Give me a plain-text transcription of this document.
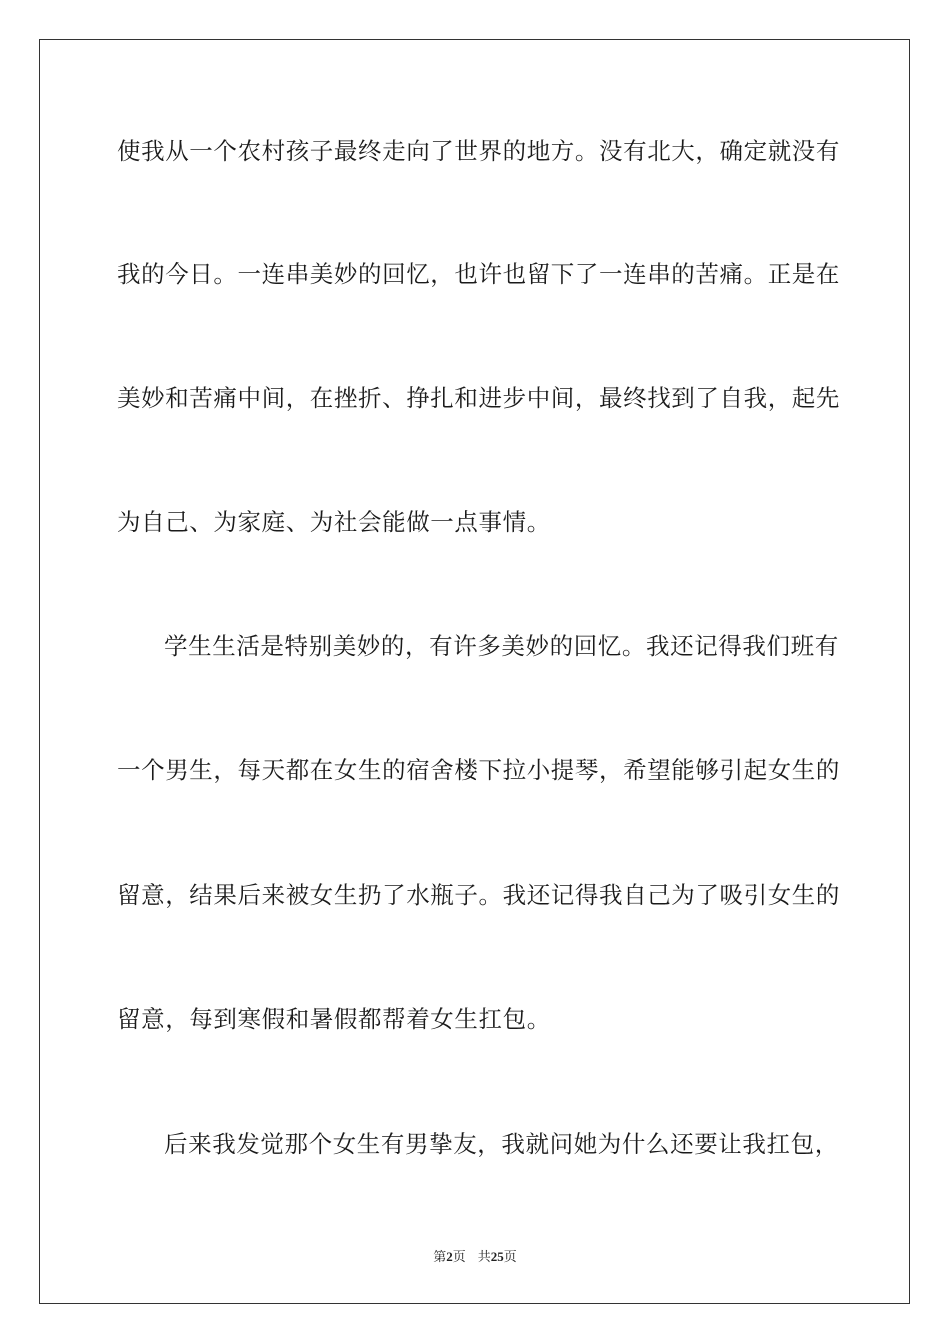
使我从一个农村孩子最终走向了世界的地方。没有北大，确定就没有
我的今日。一连串美妙的回忆，也许也留下了一连串的苦痛。正是在
美妙和苦痛中间，在挫折、挣扎和进步中间，最终找到了自我，起先
为自己、为家庭、为社会能做一点事情。
学生生活是特别美妙的，有许多美妙的回忆。我还记得我们班有
一个男生，每天都在女生的宿舍楼下拉小提琴，希望能够引起女生的
留意，结果后来被女生扔了水瓶子。我还记得我自己为了吸引女生的
留意，每到寒假和暑假都帮着女生扛包。
后来我发觉那个女生有男挚友，我就问她为什么还要让我扛包，
第2页 共25页
